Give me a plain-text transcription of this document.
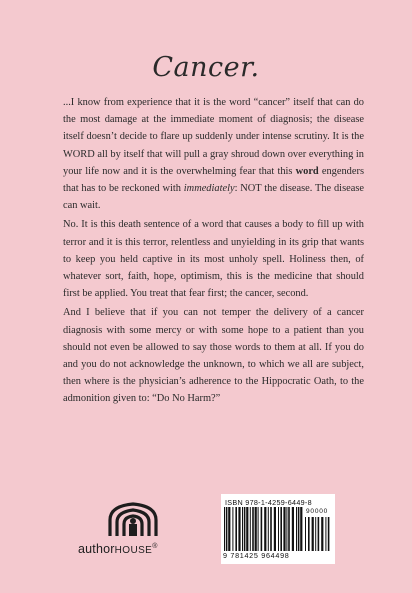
Cancer.

...I know from experience that it is the word “cancer” itself that can do the most damage at the immediate moment of diagnosis; the disease itself doesn’t decide to flare up suddenly under intense scrutiny. It is the WORD all by itself that will pull a gray shroud down over everything in your life now and it is the overwhelming fear that this word engenders that has to be reckoned with immediately: NOT the disease. The disease can wait.

No. It is this death sentence of a word that causes a body to fill up with terror and it is this terror, relentless and unyielding in its grip that wants to keep you held captive in its most unholy spell. Holiness then, of whatever sort, faith, hope, optimism, this is the medicine that should first be applied. You treat that fear first; the cancer, second.

And I believe that if you can not temper the delivery of a cancer diagnosis with some mercy or with some hope to a patient than you should not even be allowed to say those words to them at all. If you do and you do not acknowledge the unknown, to which we all are subject, then where is the physician’s adherence to the Hippocratic Oath, to the admonition given to: “Do No Harm?”

authorHOUSE®
ISBN 978-1-4259-6449-8
90000
9 781425 964498
